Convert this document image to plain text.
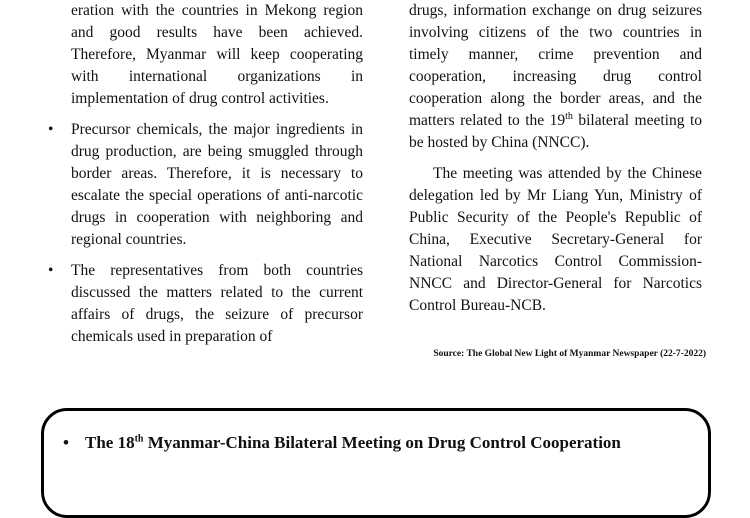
eration with the countries in Mekong region and good results have been achieved. Therefore, Myanmar will keep cooperating with international organizations in implementation of drug control activities.

• Precursor chemicals, the major ingredients in drug production, are being smuggled through border areas. Therefore, it is necessary to escalate the special operations of anti-narcotic drugs in cooperation with neighboring and regional countries.
• The representatives from both countries discussed the matters related to the current affairs of drugs, the seizure of precursor chemicals used in preparation of

drugs, information exchange on drug seizures involving citizens of the two countries in timely manner, crime prevention and cooperation, increasing drug control cooperation along the border areas, and the matters related to the 19th bilateral meeting to be hosted by China (NNCC).

The meeting was attended by the Chinese delegation led by Mr Liang Yun, Ministry of Public Security of the People's Republic of China, Executive Secretary-General for National Narcotics Control Commission-NNCC and Director-General for Narcotics Control Bureau-NCB.

Source: The Global New Light of Myanmar Newspaper (22-7-2022)
• The 18th Myanmar-China Bilateral Meeting on Drug Control Cooperation
